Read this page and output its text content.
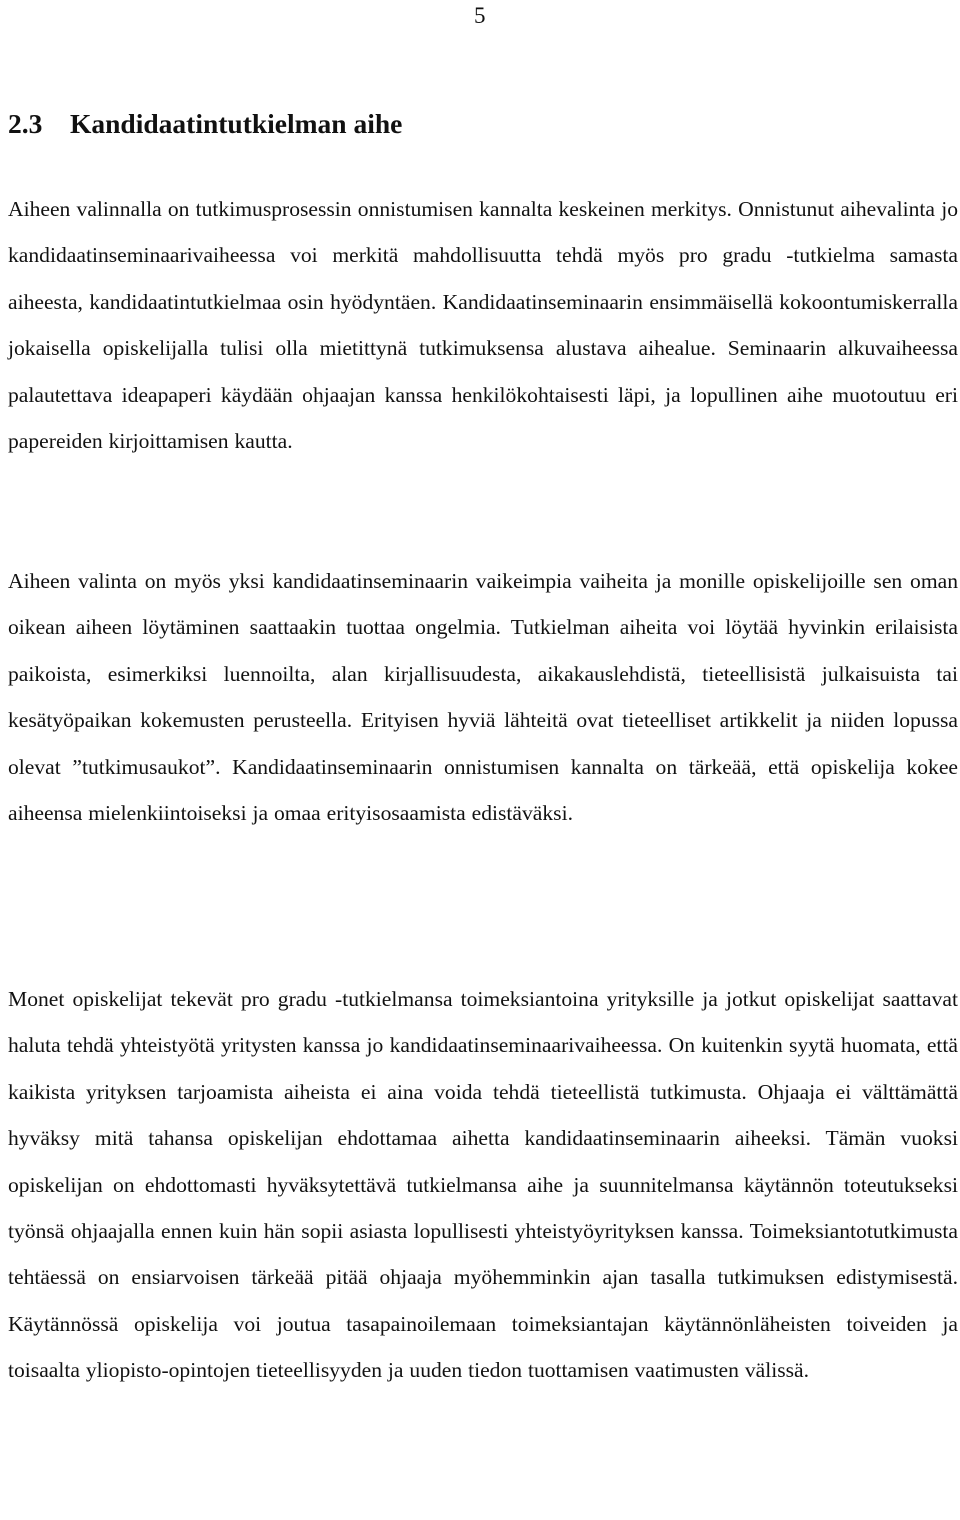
5
2.3 Kandidaatintutkielman aihe

Aiheen valinnalla on tutkimusprosessin onnistumisen kannalta keskeinen merkitys. Onnistunut aihevalinta jo kandidaatinseminaarivaiheessa voi merkitä mahdollisuutta tehdä myös pro gradu -tutkielma samasta aiheesta, kandidaatintutkielmaa osin hyödyntäen. Kandidaatinseminaarin ensimmäisellä kokoontumiskerralla jokaisella opiskelijalla tulisi olla mietittynä tutkimuksensa alustava aihealue. Seminaarin alkuvaiheessa palautettava ideapaperi käydään ohjaajan kanssa henkilökohtaisesti läpi, ja lopullinen aihe muotoutuu eri papereiden kirjoittamisen kautta.

Aiheen valinta on myös yksi kandidaatinseminaarin vaikeimpia vaiheita ja monille opiskelijoille sen oman oikean aiheen löytäminen saattaakin tuottaa ongelmia. Tutkielman aiheita voi löytää hyvinkin erilaisista paikoista, esimerkiksi luennoilta, alan kirjallisuudesta, aikakauslehdistä, tieteellisistä julkaisuista tai kesätyöpaikan kokemusten perusteella. Erityisen hyviä lähteitä ovat tieteelliset artikkelit ja niiden lopussa olevat ”tutkimusaukot”. Kandidaatinseminaarin onnistumisen kannalta on tärkeää, että opiskelija kokee aiheensa mielenkiintoiseksi ja omaa erityisosaamista edistäväksi.

Monet opiskelijat tekevät pro gradu -tutkielmansa toimeksiantoina yrityksille ja jotkut opiskelijat saattavat haluta tehdä yhteistyötä yritysten kanssa jo kandidaatinseminaarivaiheessa. On kuitenkin syytä huomata, että kaikista yrityksen tarjoamista aiheista ei aina voida tehdä tieteellistä tutkimusta. Ohjaaja ei välttämättä hyväksy mitä tahansa opiskelijan ehdottamaa aihetta kandidaatinseminaarin aiheeksi. Tämän vuoksi opiskelijan on ehdottomasti hyväksytettävä tutkielmansa aihe ja suunnitelmansa käytännön toteutukseksi työnsä ohjaajalla ennen kuin hän sopii asiasta lopullisesti yhteistyöyrityksen kanssa. Toimeksiantotutkimusta tehtäessä on ensiarvoisen tärkeää pitää ohjaaja myöhemminkin ajan tasalla tutkimuksen edistymisestä. Käytännössä opiskelija voi joutua tasapainoilemaan toimeksiantajan käytännönläheisten toiveiden ja toisaalta yliopisto-opintojen tieteellisyyden ja uuden tiedon tuottamisen vaatimusten välissä.
